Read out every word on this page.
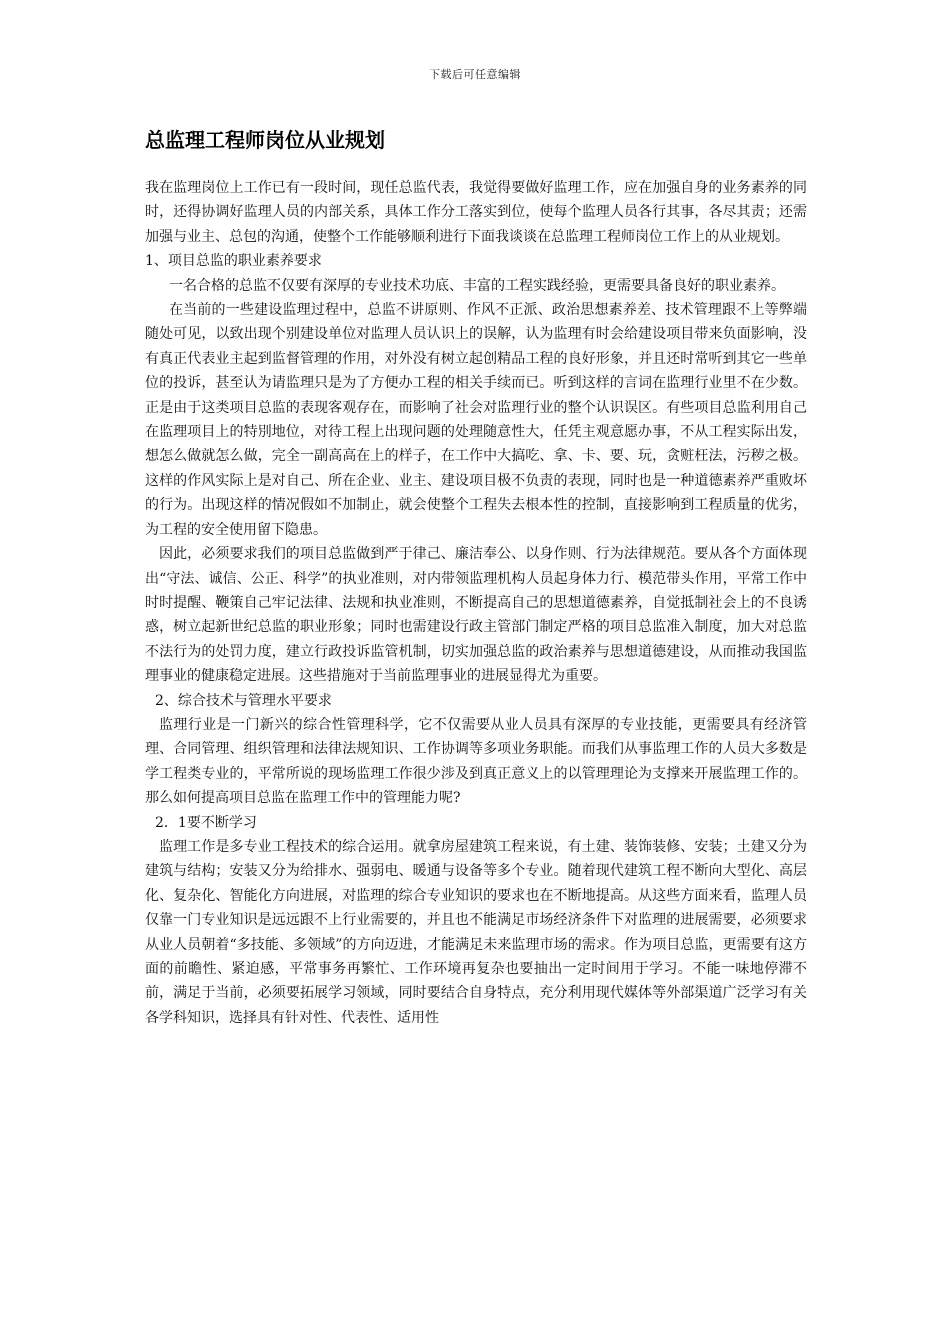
下载后可任意编辑
总监理工程师岗位从业规划

我在监理岗位上工作已有一段时间，现任总监代表，我觉得要做好监理工作，应在加强自身的业务素养的同时，还得协调好监理人员的内部关系，具体工作分工落实到位，使每个监理人员各行其事，各尽其责；还需加强与业主、总包的沟通，使整个工作能够顺利进行下面我谈谈在总监理工程师岗位工作上的从业规划。

1、项目总监的职业素养要求

一名合格的总监不仅要有深厚的专业技术功底、丰富的工程实践经验，更需要具备良好的职业素养。

在当前的一些建设监理过程中，总监不讲原则、作风不正派、政治思想素养差、技术管理跟不上等弊端随处可见，以致出现个别建设单位对监理人员认识上的误解，认为监理有时会给建设项目带来负面影响，没有真正代表业主起到监督管理的作用，对外没有树立起创精品工程的良好形象，并且还时常听到其它一些单位的投诉，甚至认为请监理只是为了方便办工程的相关手续而已。听到这样的言词在监理行业里不在少数。正是由于这类项目总监的表现客观存在，而影响了社会对监理行业的整个认识误区。有些项目总监利用自己在监理项目上的特別地位，对待工程上出现问题的处理随意性大，任凭主观意愿办事，不从工程实际出发，想怎么做就怎么做，完全一副高高在上的样子，在工作中大搞吃、拿、卡、要、玩，贪赃枉法，污秽之极。这样的作风实际上是对自己、所在企业、业主、建设项目极不负责的表现，同时也是一种道德素养严重败坏的行为。出现这样的情况假如不加制止，就会使整个工程失去根本性的控制，直接影响到工程质量的优劣，为工程的安全使用留下隐患。

因此，必须要求我们的项目总监做到严于律己、廉洁奉公、以身作则、行为法律规范。要从各个方面体现出“守法、诚信、公正、科学”的执业准则，对内带领监理机构人员起身体力行、模范带头作用，平常工作中时时提醒、鞭策自己牢记法律、法规和执业准则，不断提高自己的思想道德素养，自觉抵制社会上的不良诱惑，树立起新世纪总监的职业形象；同时也需建设行政主管部门制定严格的项目总监准入制度，加大对总监不法行为的处罚力度，建立行政投诉监管机制，切实加强总监的政治素养与思想道德建设，从而推动我国监理事业的健康稳定进展。这些措施对于当前监理事业的进展显得尤为重要。

2、综合技术与管理水平要求

监理行业是一门新兴的综合性管理科学，它不仅需要从业人员具有深厚的专业技能，更需要具有经济管理、合同管理、组织管理和法律法规知识、工作协调等多项业务职能。而我们从事监理工作的人员大多数是学工程类专业的，平常所说的现场监理工作很少涉及到真正意义上的以管理理论为支撑来开展监理工作的。那么如何提高项目总监在监理工作中的管理能力呢?

2．1要不断学习

监理工作是多专业工程技术的综合运用。就拿房屋建筑工程来说，有土建、装饰装修、安装；土建又分为建筑与结构；安装又分为给排水、强弱电、暖通与设备等多个专业。随着现代建筑工程不断向大型化、高层化、复杂化、智能化方向进展，对监理的综合专业知识的要求也在不断地提高。从这些方面来看，监理人员仅靠一门专业知识是远远跟不上行业需要的，并且也不能满足市场经济条件下对监理的进展需要，必须要求从业人员朝着“多技能、多领域”的方向迈进，才能满足未来监理市场的需求。作为项目总监，更需要有这方面的前瞻性、紧迫感，平常事务再繁忙、工作环境再复杂也要抽出一定时间用于学习。不能一味地停滞不前，满足于当前，必须要拓展学习领域，同时要结合自身特点，充分利用现代媒体等外部渠道广泛学习有关各学科知识，选择具有针对性、代表性、适用性
